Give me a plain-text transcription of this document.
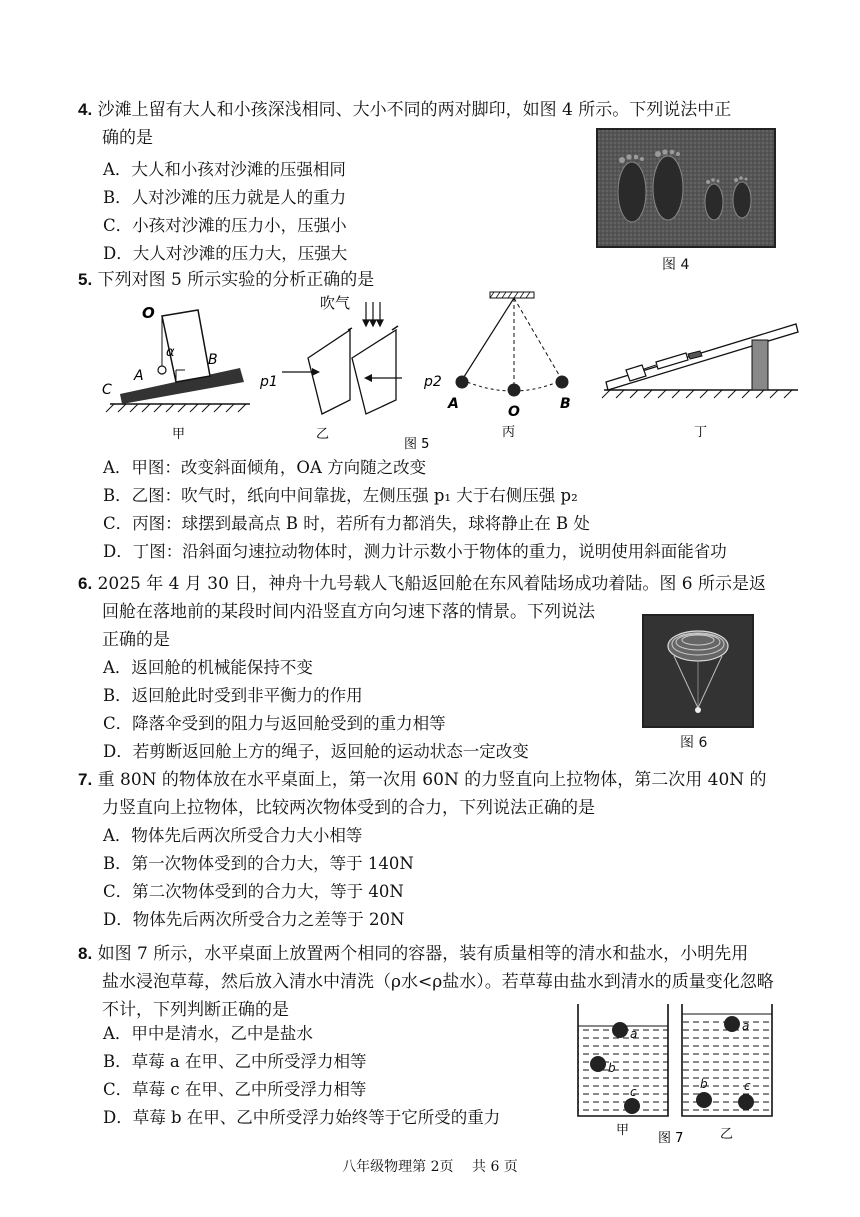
4. 沙滩上留有大人和小孩深浅相同、大小不同的两对脚印，如图 4 所示。下列说法中正
确的是
A．大人和小孩对沙滩的压强相同
B．人对沙滩的压力就是人的重力
C．小孩对沙滩的压力小，压强小
D．大人对沙滩的压力大，压强大
图 4
5. 下列对图 5 所示实验的分析正确的是
O
α
A
B
C
甲
吹气
p1	p2
乙
A	O	B
丙	丁
图 5
A．甲图：改变斜面倾角，OA 方向随之改变
B．乙图：吹气时，纸向中间靠拢，左侧压强 p₁ 大于右侧压强 p₂
C．丙图：球摆到最高点 B 时，若所有力都消失，球将静止在 B 处
D．丁图：沿斜面匀速拉动物体时，测力计示数小于物体的重力，说明使用斜面能省功
6. 2025 年 4 月 30 日，神舟十九号载人飞船返回舱在东风着陆场成功着陆。图 6 所示是返
回舱在落地前的某段时间内沿竖直方向匀速下落的情景。下列说法
正确的是
A．返回舱的机械能保持不变
B．返回舱此时受到非平衡力的作用
C．降落伞受到的阻力与返回舱受到的重力相等
D．若剪断返回舱上方的绳子，返回舱的运动状态一定改变	图 6
7. 重 80N 的物体放在水平桌面上，第一次用 60N 的力竖直向上拉物体，第二次用 40N 的
力竖直向上拉物体，比较两次物体受到的合力，下列说法正确的是
A．物体先后两次所受合力大小相等
B．第一次物体受到的合力大，等于 140N
C．第二次物体受到的合力大，等于 40N
D．物体先后两次所受合力之差等于 20N
8. 如图 7 所示，水平桌面上放置两个相同的容器，装有质量相等的清水和盐水，小明先用
盐水浸泡草莓，然后放入清水中清洗（ρ水<ρ盐水）。若草莓由盐水到清水的质量变化忽略
不计，下列判断正确的是
A．甲中是清水，乙中是盐水
B．草莓 a 在甲、乙中所受浮力相等
C．草莓 c 在甲、乙中所受浮力相等
D．草莓 b 在甲、乙中所受浮力始终等于它所受的重力
a
b
c
a
b	c
甲	乙
图 7
八年级物理第 2页　 共 6 页
